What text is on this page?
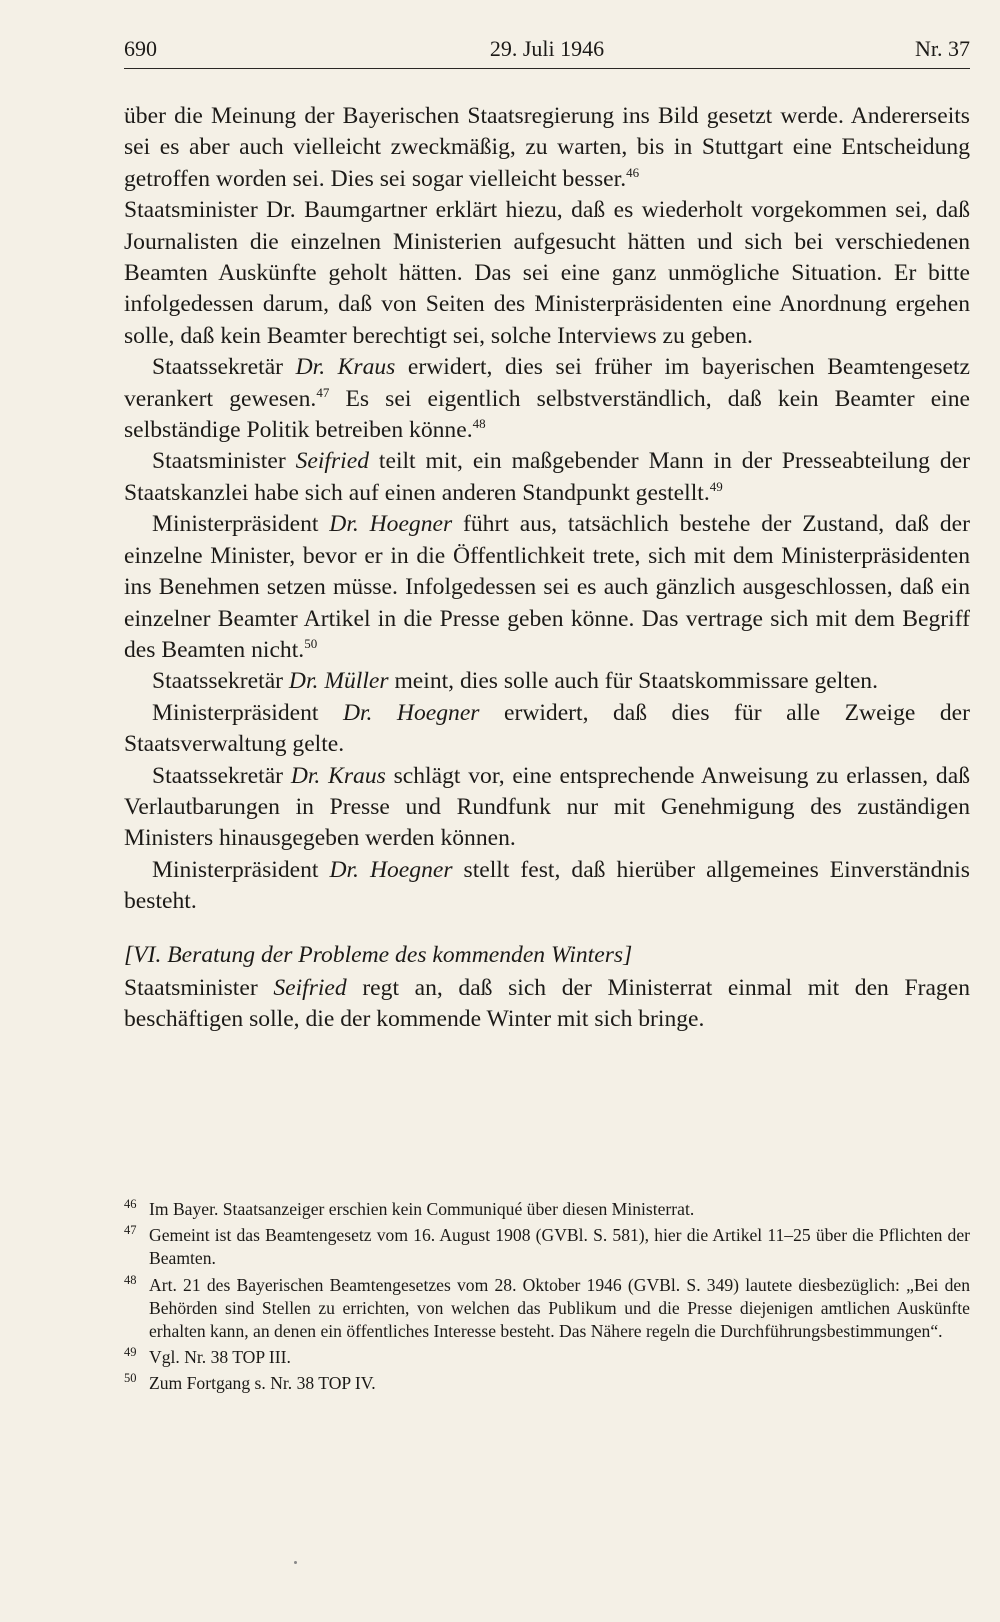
690	29. Juli 1946	Nr. 37

über die Meinung der Bayerischen Staatsregierung ins Bild gesetzt werde. Andererseits sei es aber auch vielleicht zweckmäßig, zu warten, bis in Stuttgart eine Entscheidung getroffen worden sei. Dies sei sogar vielleicht besser.$^{46}$

Staatsminister Dr. Baumgartner erklärt hiezu, daß es wiederholt vorgekommen sei, daß Journalisten die einzelnen Ministerien aufgesucht hätten und sich bei verschiedenen Beamten Auskünfte geholt hätten. Das sei eine ganz unmögliche Situation. Er bitte infolgedessen darum, daß von Seiten des Ministerpräsidenten eine Anordnung ergehen solle, daß kein Beamter berechtigt sei, solche Interviews zu geben.

Staatssekretär Dr. Kraus erwidert, dies sei früher im bayerischen Beamtengesetz verankert gewesen.$^{47}$ Es sei eigentlich selbstverständlich, daß kein Beamter eine selbständige Politik betreiben könne.$^{48}$

Staatsminister Seifried teilt mit, ein maßgebender Mann in der Presseabteilung der Staatskanzlei habe sich auf einen anderen Standpunkt gestellt.$^{49}$

Ministerpräsident Dr. Hoegner führt aus, tatsächlich bestehe der Zustand, daß der einzelne Minister, bevor er in die Öffentlichkeit trete, sich mit dem Ministerpräsidenten ins Benehmen setzen müsse. Infolgedessen sei es auch gänzlich ausgeschlossen, daß ein einzelner Beamter Artikel in die Presse geben könne. Das vertrage sich mit dem Begriff des Beamten nicht.$^{50}$

Staatssekretär Dr. Müller meint, dies solle auch für Staatskommissare gelten.

Ministerpräsident Dr. Hoegner erwidert, daß dies für alle Zweige der Staatsverwaltung gelte.

Staatssekretär Dr. Kraus schlägt vor, eine entsprechende Anweisung zu erlassen, daß Verlautbarungen in Presse und Rundfunk nur mit Genehmigung des zuständigen Ministers hinausgegeben werden können.

Ministerpräsident Dr. Hoegner stellt fest, daß hierüber allgemeines Einverständnis besteht.

[VI. Beratung der Probleme des kommenden Winters]

Staatsminister Seifried regt an, daß sich der Ministerrat einmal mit den Fragen beschäftigen solle, die der kommende Winter mit sich bringe.

46 Im Bayer. Staatsanzeiger erschien kein Communiqué über diesen Ministerrat.
47 Gemeint ist das Beamtengesetz vom 16. August 1908 (GVBl. S. 581), hier die Artikel 11–25 über die Pflichten der Beamten.
48 Art. 21 des Bayerischen Beamtengesetzes vom 28. Oktober 1946 (GVBl. S. 349) lautete diesbezüglich: „Bei den Behörden sind Stellen zu errichten, von welchen das Publikum und die Presse diejenigen amtlichen Auskünfte erhalten kann, an denen ein öffentliches Interesse besteht. Das Nähere regeln die Durchführungsbestimmungen“.
49 Vgl. Nr. 38 TOP III.
50 Zum Fortgang s. Nr. 38 TOP IV.
